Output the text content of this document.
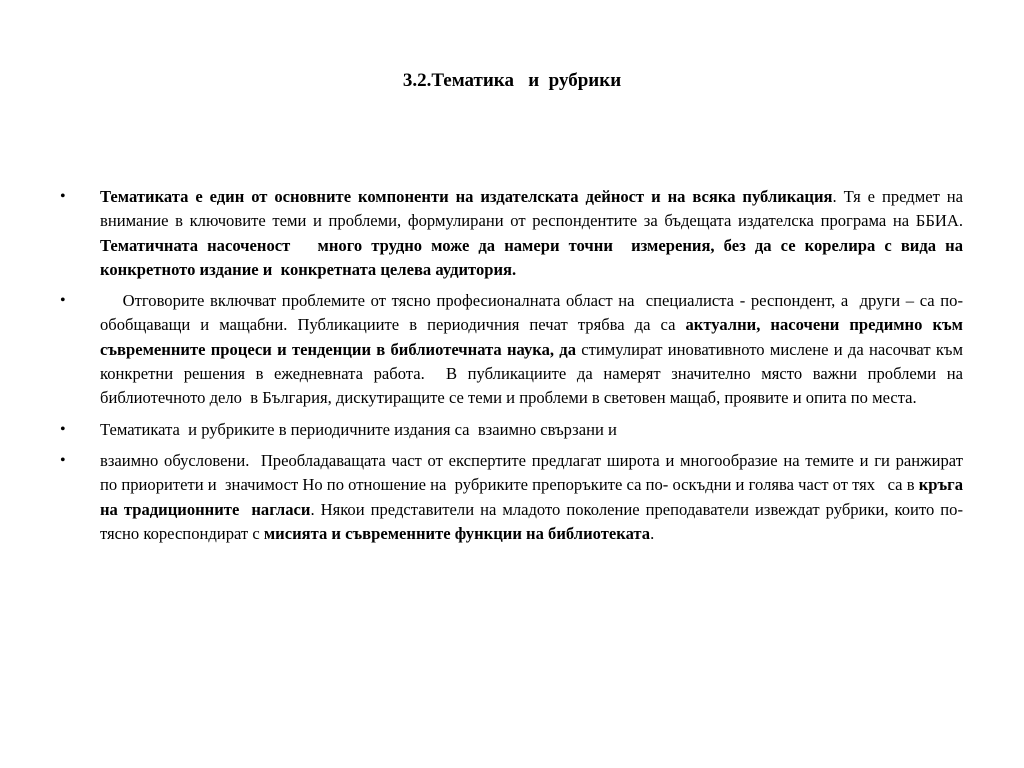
3.2.Тематика   и  рубрики
•	Тематиката е един от основните компоненти на издателската дейност и на всяка публикация. Тя е предмет на внимание в ключовите теми и проблеми, формулирани от респондентите за бъдещата издателска програма на ББИА. Тематичната насоченост   много трудно може да намери точни  измерения, без да се корелира с вида на конкретното издание и  конкретната целева аудитория.
•	Отговорите включват проблемите от тясно професионалната област на  специалиста - респондент, а  други – са по-обобщаващи и мащабни. Публикациите в периодичния печат трябва да са актуални, насочени предимно към съвременните процеси и тенденции в библиотечната наука, да стимулират иновативното мислене и да насочват към конкретни решения в ежедневната работа.  В публикациите да намерят значително място важни проблеми на библиотечното дело  в България, дискутиращите се теми и проблеми в световен мащаб, проявите и опита по места.
•	Тематиката  и рубриките в периодичните издания са  взаимно свързани и
•	взаимно обусловени.  Преобладаващата част от експертите предлагат широта и многообразие на темите и ги ранжират  по приоритети и  значимост Но по отношение на  рубриките препоръките са по- оскъдни и голява част от тях   са в кръга на традиционните  нагласи. Някои представители на младото поколение преподаватели извеждат рубрики, които по-тясно кореспондират с мисията и съвременните функции на библиотеката.
